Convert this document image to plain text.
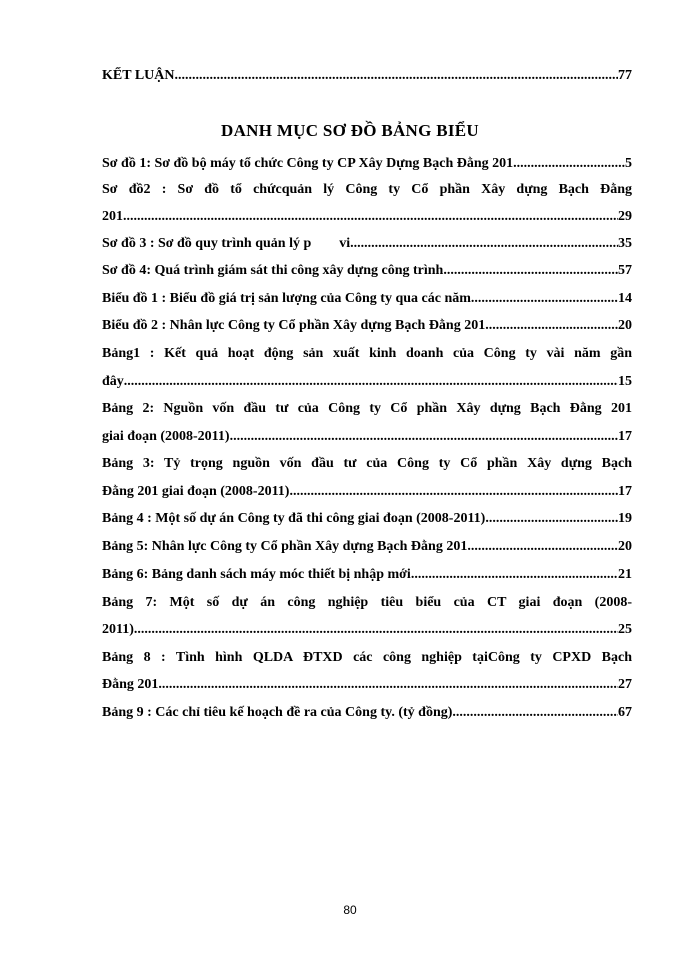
KẾT LUẬN. .....	77
DANH MỤC SƠ ĐỒ BẢNG BIỂU
Sơ đồ 1: Sơ đồ bộ máy tổ chức Công ty CP Xây Dựng Bạch Đằng 201 .....	5
Sơ đồ2 : Sơ đồ tổ chứcquản lý Công ty Cổ phần Xây dựng Bạch Đằng
201 .....	29
Sơ đồ 3 : Sơ đồ quy trình quản lý p        vi .....	35
Sơ đồ 4: Quá trình giám sát thi công xây dựng công trình .....	57
Biểu đồ 1 : Biểu đồ giá trị sản lượng của Công ty qua các năm .....	14
Biểu đồ 2 : Nhân lực Công ty Cổ phần Xây dựng Bạch Đằng 201. .....	20
Bảng1 : Kết quả hoạt động sản xuất kinh doanh của Công ty vài năm gần
đây .....	15
Bảng 2: Nguồn vốn đầu tư của Công ty Cổ phần Xây dựng Bạch Đằng 201
giai đoạn (2008-2011) .....	17
Bảng 3: Tỷ trọng nguồn vốn đầu tư của Công ty Cổ phần Xây dựng Bạch
Đằng 201 giai đoạn (2008-2011) .....	17
Bảng 4 : Một số dự án Công ty đã thi công giai đoạn (2008-2011) .....	19
Bảng 5: Nhân lực Công ty Cổ phần Xây dựng Bạch Đằng 201 .....	20
Bảng 6: Bảng danh sách máy móc thiết bị nhập mới .....	21
Bảng 7: Một số dự án công nghiệp tiêu biểu của CT giai đoạn (2008-
2011). .....	25
Bảng 8 : Tình hình QLDA ĐTXD các công nghiệp tạiCông ty CPXD Bạch
Đằng 201 .....	27
Bảng 9 : Các chỉ tiêu kế hoạch đề ra của Công ty. (tỷ đồng) .....	67
80
